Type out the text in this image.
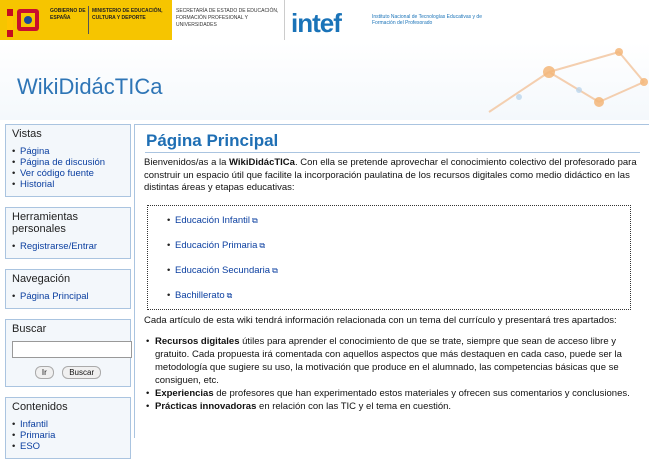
GOBIERNO DE ESPAÑA
MINISTERIO DE EDUCACIÓN, CULTURA Y DEPORTE
SECRETARÍA DE ESTADO DE EDUCACIÓN, FORMACIÓN PROFESIONAL Y UNIVERSIDADES	intef	Instituto Nacional de Tecnologías Educativas y de Formación del Profesorado
WikiDidácTICa
Vistas
• Página
• Página de discusión
• Ver código fuente
• Historial
Herramientas personales
• Registrarse/Entrar
Navegación
• Página Principal
Buscar
Ir	Buscar
Contenidos
• Infantil
• Primaria
• ESO
Página Principal
Bienvenidos/as a la WikiDidácTICa. Con ella se pretende aprovechar el conocimiento colectivo del profesorado para construir un espacio útil que facilite la incorporación paulatina de los recursos digitales como medio didáctico en las distintas áreas y etapas educativas:
• Educación Infantil ⧉
• Educación Primaria ⧉
• Educación Secundaria ⧉
• Bachillerato ⧉
Cada artículo de esta wiki tendrá información relacionada con un tema del currículo y presentará tres apartados:
• Recursos digitales útiles para aprender el conocimiento de que se trate, siempre que sean de acceso libre y gratuito. Cada propuesta irá comentada con aquellos aspectos que más destaquen en cada caso, puede ser la metodología que sugiere su uso, la motivación que produce en el alumnado, las competencias básicas que se consiguen, etc.
• Experiencias de profesores que han experimentado estos materiales y ofrecen sus comentarios y conclusiones.
• Prácticas innovadoras en relación con las TIC y el tema en cuestión.
